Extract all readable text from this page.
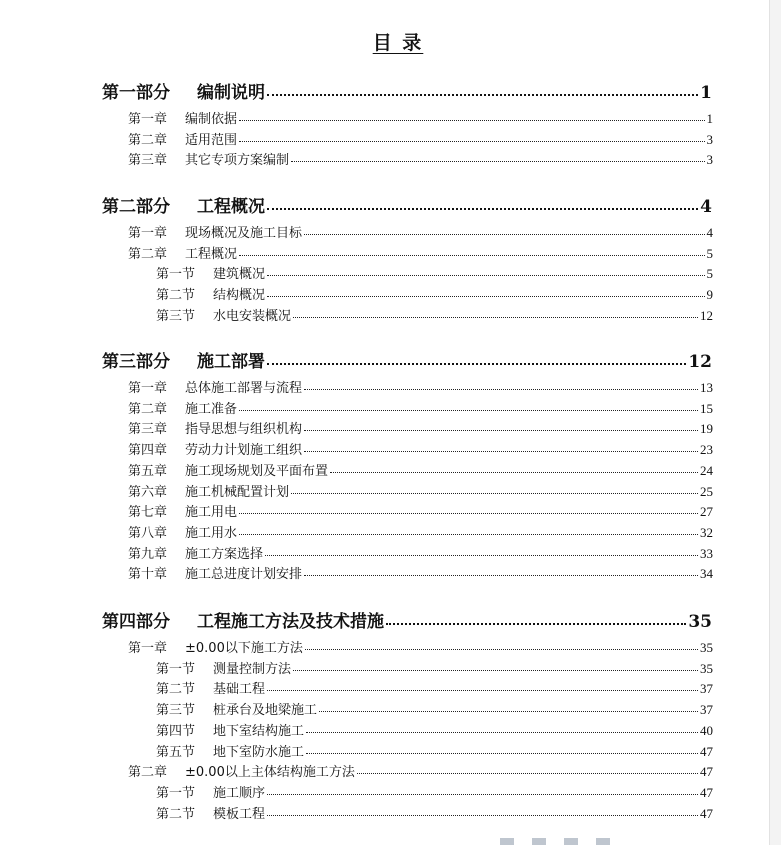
目 录
第一部分	编制说明	1
第一章	编制依据	1
第二章	适用范围	3
第三章	其它专项方案编制	3
第二部分	工程概况	4
第一章	现场概况及施工目标	4
第二章	工程概况	5
第一节	建筑概况	5
第二节	结构概况	9
第三节	水电安装概况	12
第三部分	施工部署	12
第一章	总体施工部署与流程	13
第二章	施工准备	15
第三章	指导思想与组织机构	19
第四章	劳动力计划施工组织	23
第五章	施工现场规划及平面布置	24
第六章	施工机械配置计划	25
第七章	施工用电	27
第八章	施工用水	32
第九章	施工方案选择	33
第十章	施工总进度计划安排	34
第四部分	工程施工方法及技术措施	35
第一章	±0.00以下施工方法	35
第一节	测量控制方法	35
第二节	基础工程	37
第三节	桩承台及地梁施工	37
第四节	地下室结构施工	40
第五节	地下室防水施工	47
第二章	±0.00以上主体结构施工方法	47
第一节	施工顺序	47
第二节	模板工程	47
